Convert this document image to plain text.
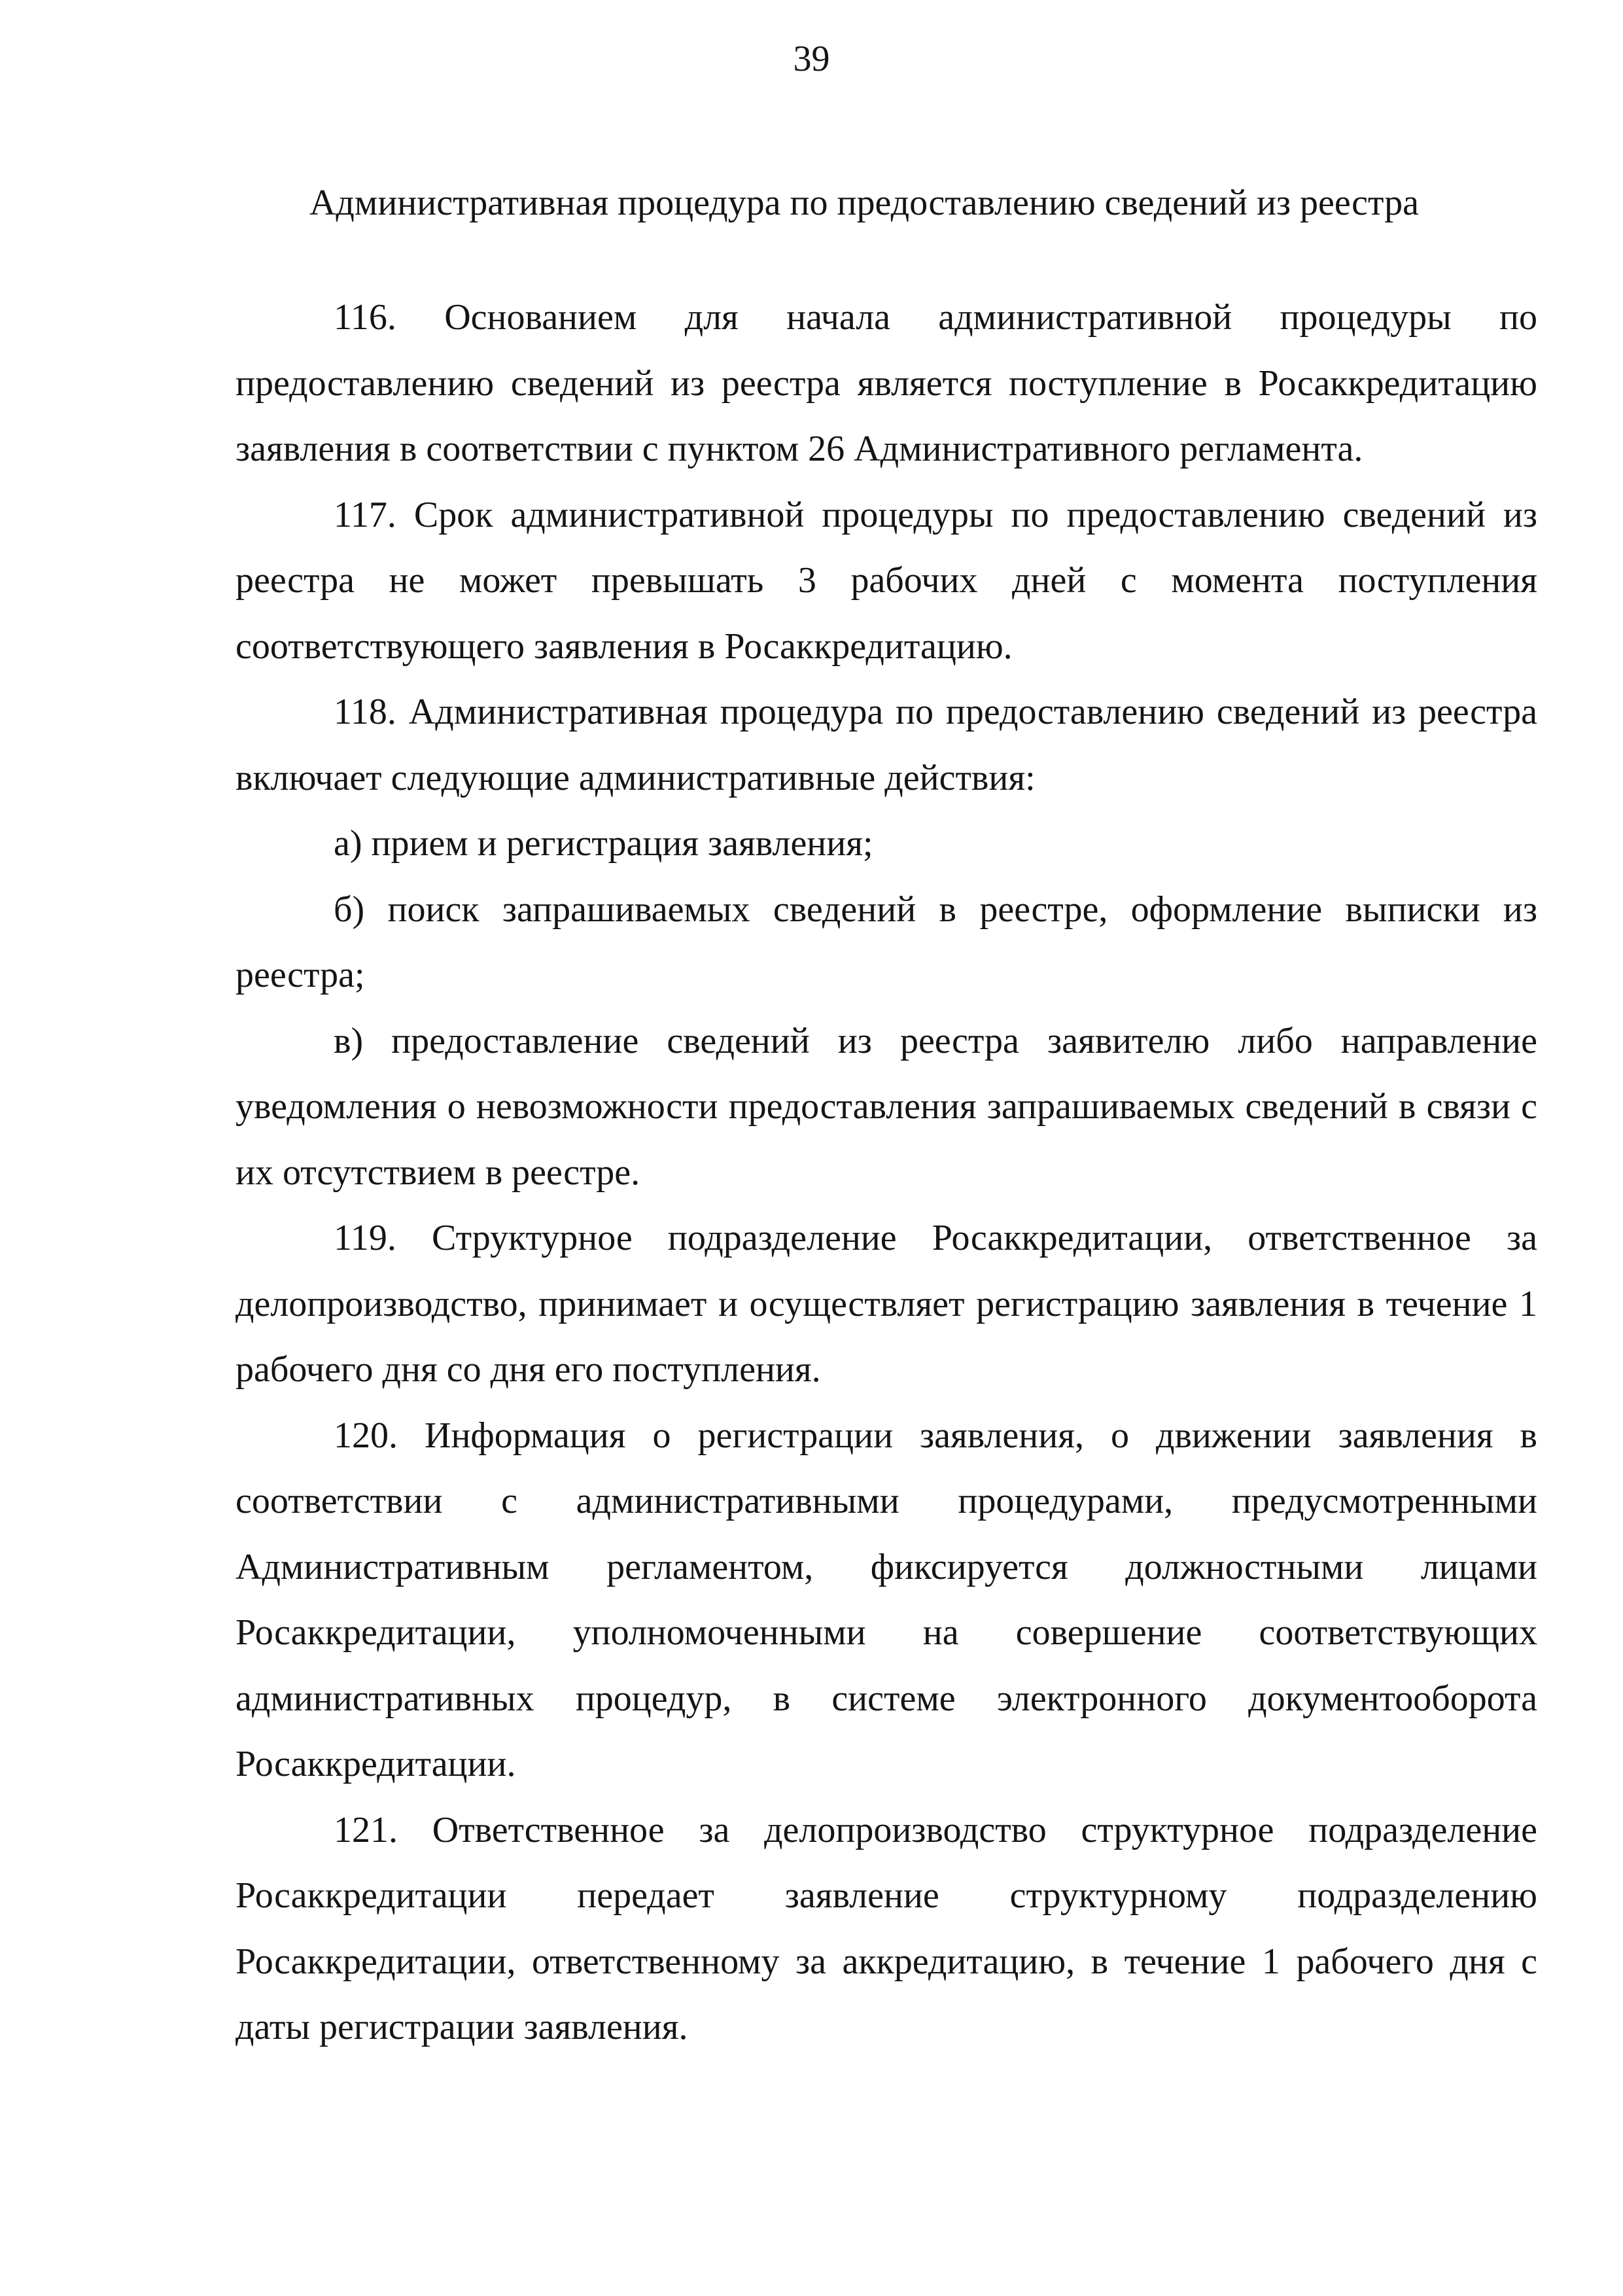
39
Административная процедура по предоставлению сведений из реестра

116. Основанием для начала административной процедуры по предоставлению сведений из реестра является поступление в Росаккредитацию заявления в соответствии с пунктом 26 Административного регламента.

117. Срок административной процедуры по предоставлению сведений из реестра не может превышать 3 рабочих дней с момента поступления соответствующего заявления в Росаккредитацию.

118. Административная процедура по предоставлению сведений из реестра включает следующие административные действия:

а) прием и регистрация заявления;

б) поиск запрашиваемых сведений в реестре, оформление выписки из реестра;

в) предоставление сведений из реестра заявителю либо направление уведомления о невозможности предоставления запрашиваемых сведений в связи с их отсутствием в реестре.

119. Структурное подразделение Росаккредитации, ответственное за делопроизводство, принимает и осуществляет регистрацию заявления в течение 1 рабочего дня со дня его поступления.

120. Информация о регистрации заявления, о движении заявления в соответствии с административными процедурами, предусмотренными Административным регламентом, фиксируется должностными лицами Росаккредитации, уполномоченными на совершение соответствующих административных процедур, в системе электронного документооборота Росаккредитации.

121. Ответственное за делопроизводство структурное подразделение Росаккредитации передает заявление структурному подразделению Росаккредитации, ответственному за аккредитацию, в течение 1 рабочего дня с даты регистрации заявления.
